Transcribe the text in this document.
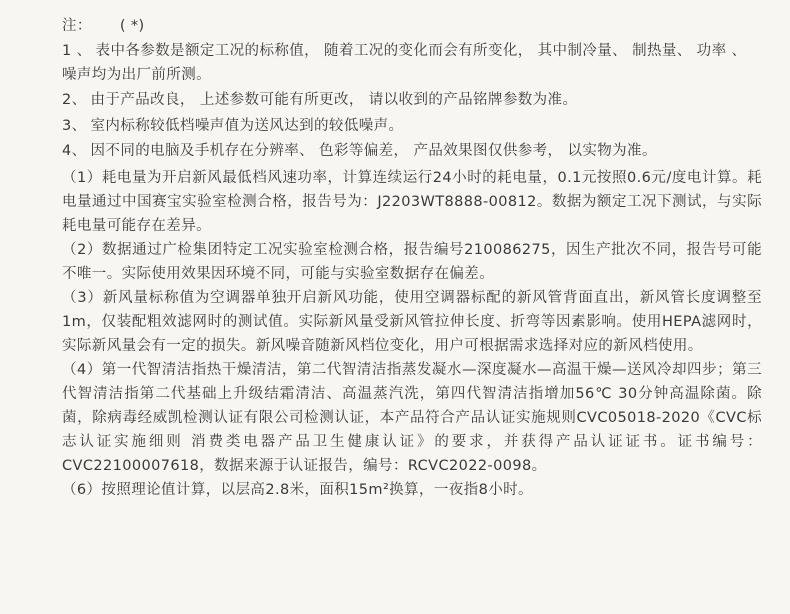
注： ( *)
1 、 表中各参数是额定工况的标称值， 随着工况的变化而会有所变化， 其中制冷量、 制热量、 功率 、 噪声均为出厂前所测。
2、 由于产品改良， 上述参数可能有所更改， 请以收到的产品铭牌参数为准。
3、 室内标称较低档噪声值为送风达到的较低噪声。
4、 因不同的电脑及手机存在分辨率、 色彩等偏差， 产品效果图仅供参考， 以实物为准。

（1）耗电量为开启新风最低档风速功率，计算连续运行24小时的耗电量，0.1元按照0.6元/度电计算。耗电量通过中国赛宝实验室检测合格，报告号为：J2203WT8888-00812。数据为额定工况下测试，与实际耗电量可能存在差异。

（2）数据通过广检集团特定工况实验室检测合格，报告编号210086275，因生产批次不同，报告号可能不唯一。实际使用效果因环境不同，可能与实验室数据存在偏差。

（3）新风量标称值为空调器单独开启新风功能，使用空调器标配的新风管背面直出，新风管长度调整至1m，仅装配粗效滤网时的测试值。实际新风量受新风管拉伸长度、折弯等因素影响。使用HEPA滤网时，实际新风量会有一定的损失。新风噪音随新风档位变化，用户可根据需求选择对应的新风档使用。

（4）第一代智清洁指热干燥清洁，第二代智清洁指蒸发凝水—深度凝水—高温干燥—送风冷却四步；第三代智清洁指第二代基础上升级结霜清洁、高温蒸汽洗，第四代智清洁指增加56℃ 30分钟高温除菌。除菌，除病毒经威凯检测认证有限公司检测认证，本产品符合产品认证实施规则CVC05018-2020《CVC标志认证实施细则 消费类电器产品卫生健康认证》的要求，并获得产品认证证书。证书编号：CVC22100007618，数据来源于认证报告，编号：RCVC2022-0098。

（6）按照理论值计算，以层高2.8米，面积15m²换算，一夜指8小时。
